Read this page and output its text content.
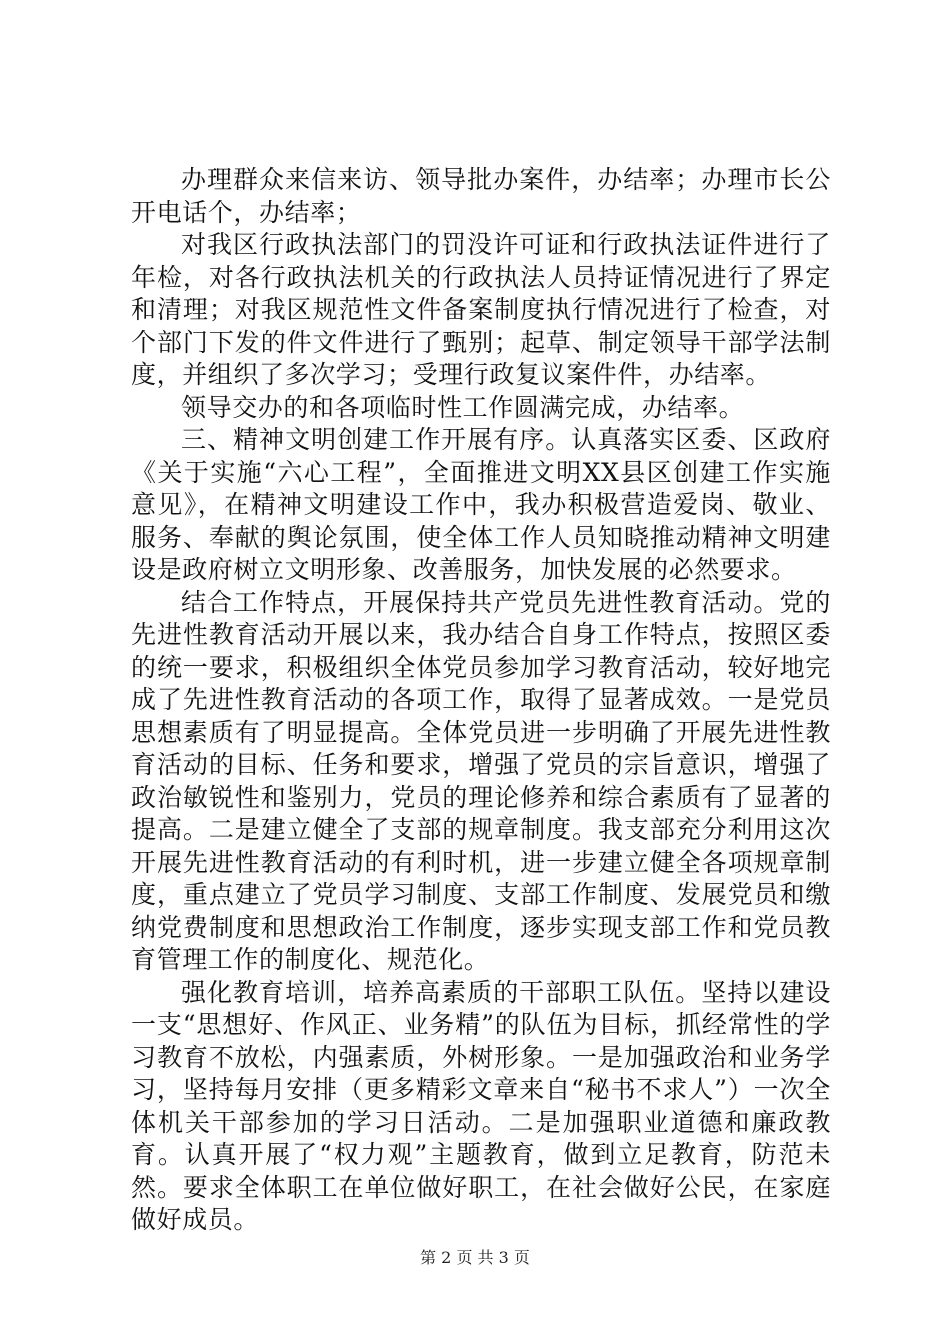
办理群众来信来访、领导批办案件，办结率；办理市长公开电话个，办结率；

对我区行政执法部门的罚没许可证和行政执法证件进行了年检，对各行政执法机关的行政执法人员持证情况进行了界定和清理；对我区规范性文件备案制度执行情况进行了检查，对个部门下发的件文件进行了甄别；起草、制定领导干部学法制度，并组织了多次学习；受理行政复议案件件，办结率。

领导交办的和各项临时性工作圆满完成，办结率。

三、精神文明创建工作开展有序。认真落实区委、区政府《关于实施“六心工程”，全面推进文明XX县区创建工作实施意见》，在精神文明建设工作中，我办积极营造爱岗、敬业、服务、奉献的舆论氛围，使全体工作人员知晓推动精神文明建设是政府树立文明形象、改善服务，加快发展的必然要求。

结合工作特点，开展保持共产党员先进性教育活动。党的先进性教育活动开展以来，我办结合自身工作特点，按照区委的统一要求，积极组织全体党员参加学习教育活动，较好地完成了先进性教育活动的各项工作，取得了显著成效。一是党员思想素质有了明显提高。全体党员进一步明确了开展先进性教育活动的目标、任务和要求，增强了党员的宗旨意识，增强了政治敏锐性和鉴别力，党员的理论修养和综合素质有了显著的提高。二是建立健全了支部的规章制度。我支部充分利用这次开展先进性教育活动的有利时机，进一步建立健全各项规章制度，重点建立了党员学习制度、支部工作制度、发展党员和缴纳党费制度和思想政治工作制度，逐步实现支部工作和党员教育管理工作的制度化、规范化。

强化教育培训，培养高素质的干部职工队伍。坚持以建设一支“思想好、作风正、业务精”的队伍为目标，抓经常性的学习教育不放松，内强素质，外树形象。一是加强政治和业务学习，坚持每月安排（更多精彩文章来自“秘书不求人”）一次全体机关干部参加的学习日活动。二是加强职业道德和廉政教育。认真开展了“权力观”主题教育，做到立足教育，防范未然。要求全体职工在单位做好职工，在社会做好公民，在家庭做好成员。

第 2 页 共 3 页
